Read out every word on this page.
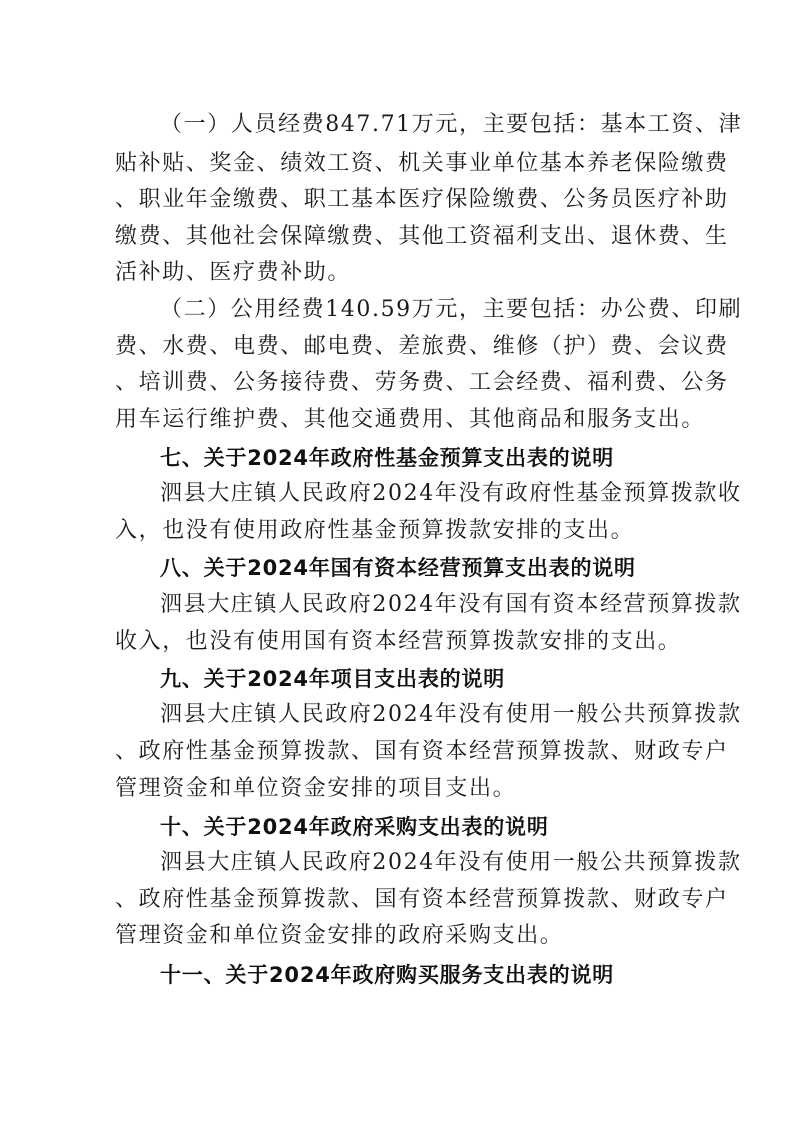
（一）人员经费847.71万元，主要包括：基本工资、津
贴补贴、奖金、绩效工资、机关事业单位基本养老保险缴费
、职业年金缴费、职工基本医疗保险缴费、公务员医疗补助
缴费、其他社会保障缴费、其他工资福利支出、退休费、生
活补助、医疗费补助。
（二）公用经费140.59万元，主要包括：办公费、印刷
费、水费、电费、邮电费、差旅费、维修（护）费、会议费
、培训费、公务接待费、劳务费、工会经费、福利费、公务
用车运行维护费、其他交通费用、其他商品和服务支出。
七、关于2024年政府性基金预算支出表的说明
泗县大庄镇人民政府2024年没有政府性基金预算拨款收
入，也没有使用政府性基金预算拨款安排的支出。
八、关于2024年国有资本经营预算支出表的说明
泗县大庄镇人民政府2024年没有国有资本经营预算拨款
收入，也没有使用国有资本经营预算拨款安排的支出。
九、关于2024年项目支出表的说明
泗县大庄镇人民政府2024年没有使用一般公共预算拨款
、政府性基金预算拨款、国有资本经营预算拨款、财政专户
管理资金和单位资金安排的项目支出。
十、关于2024年政府采购支出表的说明
泗县大庄镇人民政府2024年没有使用一般公共预算拨款
、政府性基金预算拨款、国有资本经营预算拨款、财政专户
管理资金和单位资金安排的政府采购支出。
十一、关于2024年政府购买服务支出表的说明
